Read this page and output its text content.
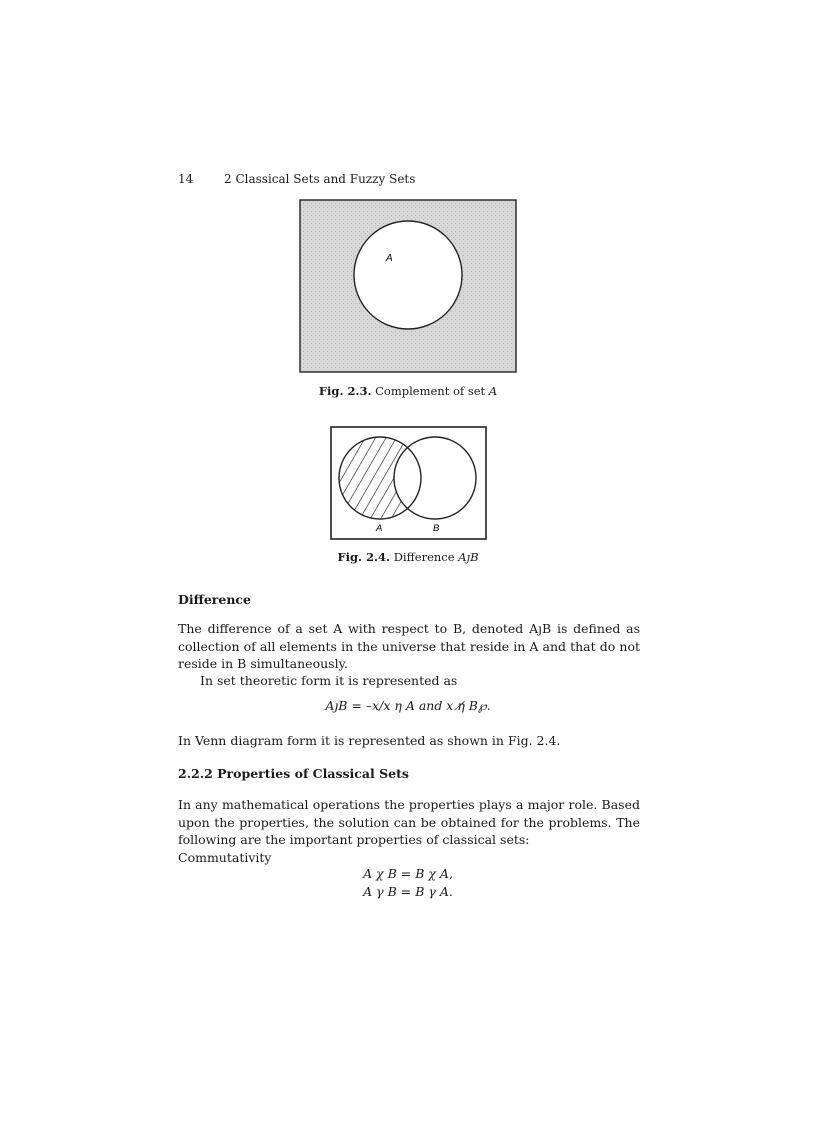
14	2 Classical Sets and Fuzzy Sets
A
Fig. 2.3. Complement of set A
A	B
Fig. 2.4. Difference AȷB
Difference
The difference of a set A with respect to B, denoted AȷB is defined as collection of all elements in the universe that reside in A and that do not reside in B simultaneously.
In set theoretic form it is represented as
AȷB = –x/x η A and x η̸ B℘.
In Venn diagram form it is represented as shown in Fig. 2.4.
2.2.2 Properties of Classical Sets
In any mathematical operations the properties plays a major role. Based upon the properties, the solution can be obtained for the problems. The following are the important properties of classical sets:
Commutativity
A χ B = B χ A,
A γ B = B γ A.
